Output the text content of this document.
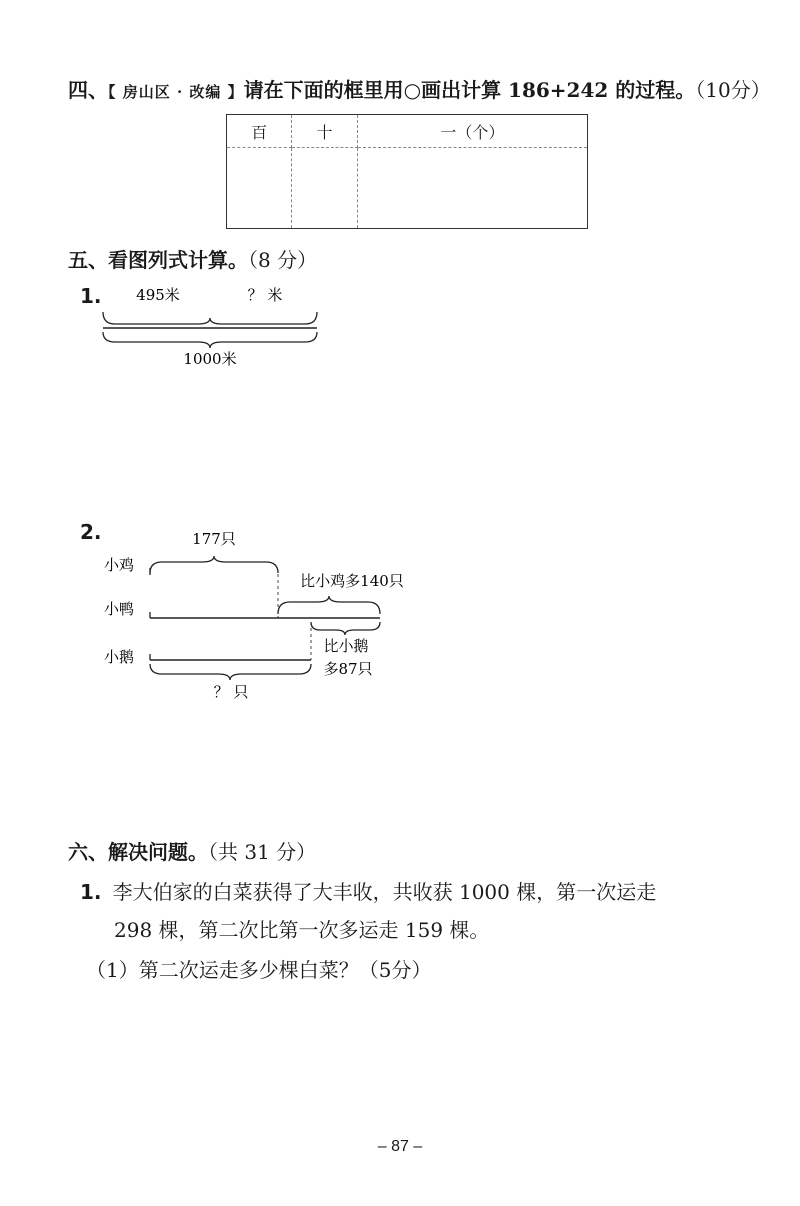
四、【 房山区 · 改编 】请在下面的框里用○画出计算 186+242 的过程。（10分）
百	十	一（个）

五、看图列式计算。（8 分）
1. 495米	？ 米
1000米
小鸡
177只
小鸭
比小鸡多140只
比小鹅
多87只
小鹅
？ 只
2.
六、解决问题。（共 31 分）
1. 李大伯家的白菜获得了大丰收，共收获 1000 棵，第一次运走
298 棵，第二次比第一次多运走 159 棵。
（1）第二次运走多少棵白菜？（5分）
– 87 –
